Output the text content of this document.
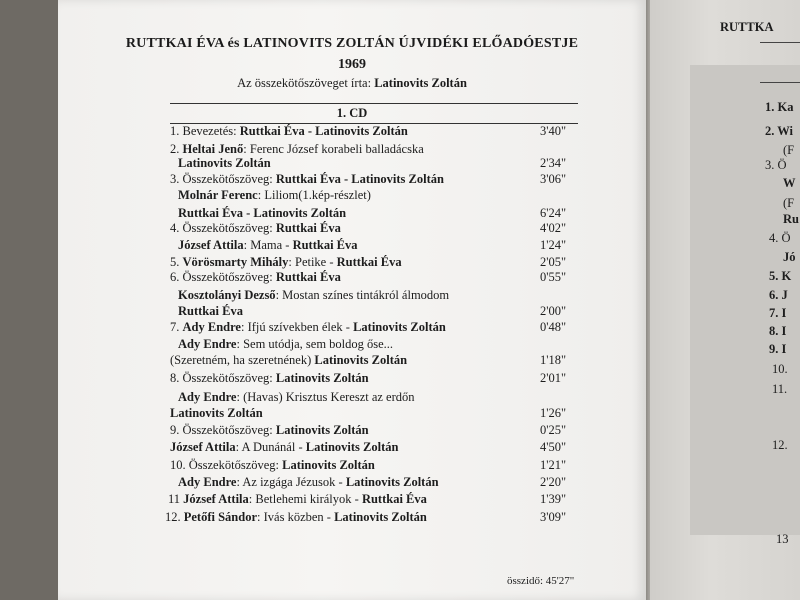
RUTTKAI ÉVA és LATINOVITS ZOLTÁN ÚJVIDÉKI ELŐADÓESTJE
1969
Az összekötőszöveget írta: Latinovits Zoltán
1. CD
1. Bevezetés: Ruttkai Éva - Latinovits Zoltán	3'40"
2. Heltai Jenő: Ferenc József korabeli balladácska
Latinovits Zoltán	2'34"
3. Összekötőszöveg: Ruttkai Éva - Latinovits Zoltán	3'06"
Molnár Ferenc: Liliom(1.kép-részlet)
Ruttkai Éva - Latinovits Zoltán	6'24"
4. Összekötőszöveg: Ruttkai Éva	4'02"
József Attila: Mama - Ruttkai Éva	1'24"
5. Vörösmarty Mihály: Petike - Ruttkai Éva	2'05"
6. Összekötőszöveg: Ruttkai Éva	0'55"
Kosztolányi Dezső: Mostan színes tintákról álmodom
Ruttkai Éva	2'00"
7. Ady Endre: Ifjú szívekben élek - Latinovits Zoltán	0'48"
Ady Endre: Sem utódja, sem boldog őse...
(Szeretném, ha szeretnének) Latinovits Zoltán	1'18"
8. Összekötőszöveg: Latinovits Zoltán	2'01"
Ady Endre: (Havas) Krisztus Kereszt az erdőn
Latinovits Zoltán	1'26"
9. Összekötőszöveg: Latinovits Zoltán	0'25"
József Attila: A Dunánál - Latinovits Zoltán	4'50"
10. Összekötőszöveg: Latinovits Zoltán	1'21"
Ady Endre: Az izgága Jézusok - Latinovits Zoltán	2'20"
11 József Attila: Betlehemi királyok - Ruttkai Éva	1'39"
12. Petőfi Sándor: Ivás közben - Latinovits Zoltán	3'09"
összidő: 45'27"
RUTTKA
1. Ka
2. Wi
(F
3. Ö
W
(F
Ru
4. Ö
Jó
5. K
6. J
7. I
8. I
9. I
10.
11.
12.
13
